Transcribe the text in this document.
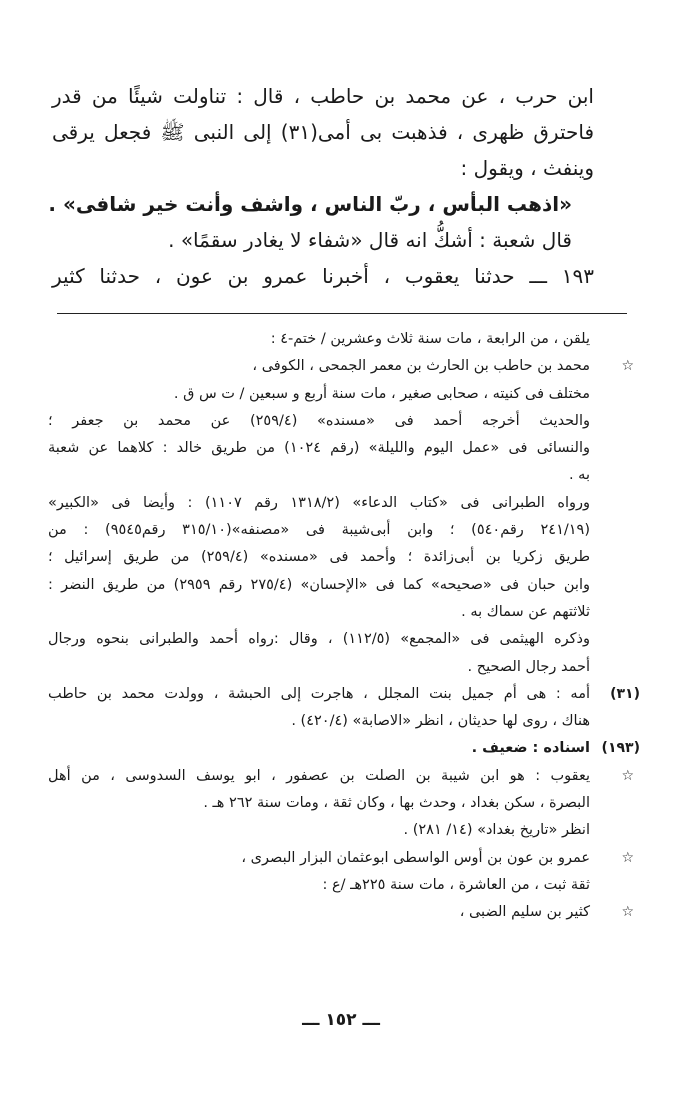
ابن حرب ، عن محمد بن حاطب ، قال : تناولت شيئًا من قدر
فاحترق ظهرى ، فذهبت بى أمى(٣١) إلى النبى ﷺ فجعل يرقى
وينفث ، ويقول :
«اذهب البأس ، ربّ الناس ، واشف وأنت خير شافى» .
قال شعبة : أشكُّ انه قال «شفاء لا يغادر سقمًا» .
١٩٣ ـــ حدثنا يعقوب ، أخبرنا عمرو بن عون ، حدثنا كثير
يلقن ، من الرابعة ، مات سنة ثلاث وعشرين / ختم-٤ :
محمد بن حاطب بن الحارث بن معمر الجمحى ، الكوفى ،	☆
مختلف فى كنيته ، صحابى صغير ، مات سنة أربع و سبعين / ت س ق .
والحديث أخرجه أحمد فى «مسنده» (٢٥٩/٤) عن محمد بن جعفر ؛
والنسائى فى «عمل اليوم والليلة» (رقم ١٠٢٤) من طريق خالد : كلاهما عن شعبة
به .
ورواه الطبرانى فى «كتاب الدعاء» (١٣١٨/٢ رقم ١١٠٧) : وأيضا فى «الكبير»
(٢٤١/١٩ رقم٥٤٠) ؛ وابن أبى‌شيبة فى «مصنفه»(٣١٥/١٠ رقم٩٥٤٥) : من
طريق زكريا بن أبى‌زائدة ؛ وأحمد فى «مسنده» (٢٥٩/٤) من طريق إسرائيل ؛
وابن حبان فى «صحيحه» كما فى «الإحسان» (٢٧٥/٤ رقم ٢٩٥٩) من طريق النضر :
ثلاثتهم عن سماك به .
وذكره الهيثمى فى «المجمع» (١١٢/٥) ، وقال :رواه أحمد والطبرانى بنحوه ورجال
أحمد رجال الصحيح .
أمه : هى أم جميل بنت المجلل ، هاجرت إلى الحبشة ، وولدت محمد بن حاطب	(٣١)
هناك ، روى لها حديثان ، انظر «الاصابة» (٤٢٠/٤) .
اسناده : ضعيف . (١٩٣)
يعقوب : هو ابن شيبة بن الصلت بن عصفور ، ابو يوسف السدوسى ، من أهل	☆
البصرة ، سكن بغداد ، وحدث بها ، وكان ثقة ، ومات سنة ٢٦٢ هـ .
انظر «تاريخ بغداد» (١٤/ ٢٨١) .
عمرو بن عون بن أوس الواسطى ابوعثمان البزار البصرى ،	☆
ثقة ثبت ، من العاشرة ، مات سنة ٢٢٥هـ /ع :
كثير بن سليم الضبى ،	☆
ـــ ١٥٢ ـــ
